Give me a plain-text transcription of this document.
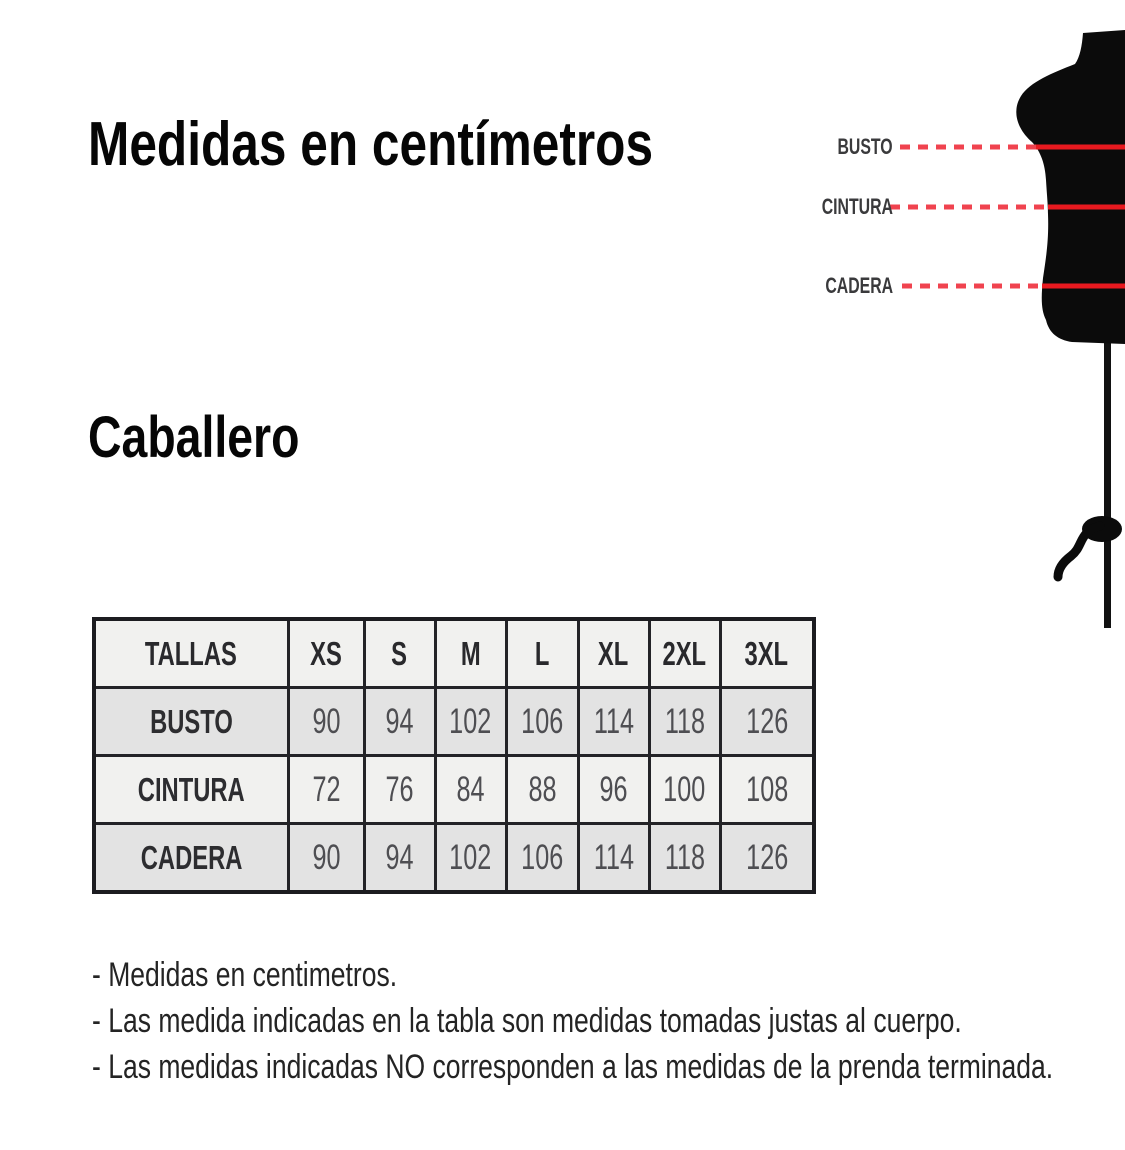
Medidas en centímetros
Caballero
BUSTO
CINTURA
CADERA
TALLAS	XS	S	M	L	XL	2XL	3XL
BUSTO	90	94	102	106	114	118	126
CINTURA	72	76	84	88	96	100	108
CADERA	90	94	102	106	114	118	126

- Medidas en centimetros.

- Las medida indicadas en la tabla son medidas tomadas justas al cuerpo.

- Las medidas indicadas NO corresponden a las medidas de la prenda terminada.
